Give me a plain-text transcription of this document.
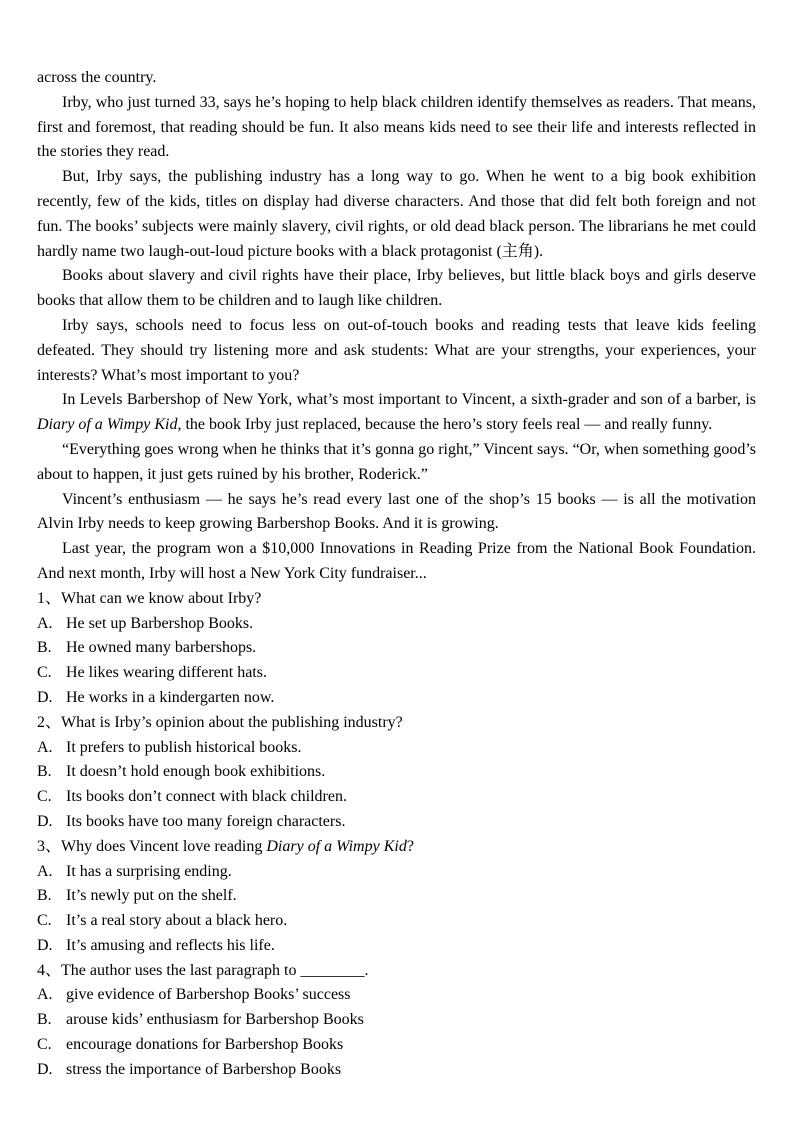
across the country.

Irby, who just turned 33, says he’s hoping to help black children identify themselves as readers. That means, first and foremost, that reading should be fun. It also means kids need to see their life and interests reflected in the stories they read.

But, Irby says, the publishing industry has a long way to go. When he went to a big book exhibition recently, few of the kids, titles on display had diverse characters. And those that did felt both foreign and not fun. The books’ subjects were mainly slavery, civil rights, or old dead black person. The librarians he met could hardly name two laugh-out-loud picture books with a black protagonist (主角).

Books about slavery and civil rights have their place, Irby believes, but little black boys and girls deserve books that allow them to be children and to laugh like children.

Irby says, schools need to focus less on out-of-touch books and reading tests that leave kids feeling defeated. They should try listening more and ask students: What are your strengths, your experiences, your interests? What’s most important to you?

In Levels Barbershop of New York, what’s most important to Vincent, a sixth-grader and son of a barber, is Diary of a Wimpy Kid, the book Irby just replaced, because the hero’s story feels real — and really funny.

“Everything goes wrong when he thinks that it’s gonna go right,” Vincent says. “Or, when something good’s about to happen, it just gets ruined by his brother, Roderick.”

Vincent’s enthusiasm — he says he’s read every last one of the shop’s 15 books — is all the motivation Alvin Irby needs to keep growing Barbershop Books. And it is growing.

Last year, the program won a $10,000 Innovations in Reading Prize from the National Book Foundation. And next month, Irby will host a New York City fundraiser...

1、What can we know about Irby?

A. He set up Barbershop Books.

B. He owned many barbershops.

C. He likes wearing different hats.

D. He works in a kindergarten now.

2、What is Irby’s opinion about the publishing industry?

A. It prefers to publish historical books.

B. It doesn’t hold enough book exhibitions.

C. Its books don’t connect with black children.

D. Its books have too many foreign characters.

3、Why does Vincent love reading Diary of a Wimpy Kid?

A. It has a surprising ending.

B. It’s newly put on the shelf.

C. It’s a real story about a black hero.

D. It’s amusing and reflects his life.

4、The author uses the last paragraph to ________.

A. give evidence of Barbershop Books’ success

B. arouse kids’ enthusiasm for Barbershop Books

C. encourage donations for Barbershop Books

D. stress the importance of Barbershop Books
